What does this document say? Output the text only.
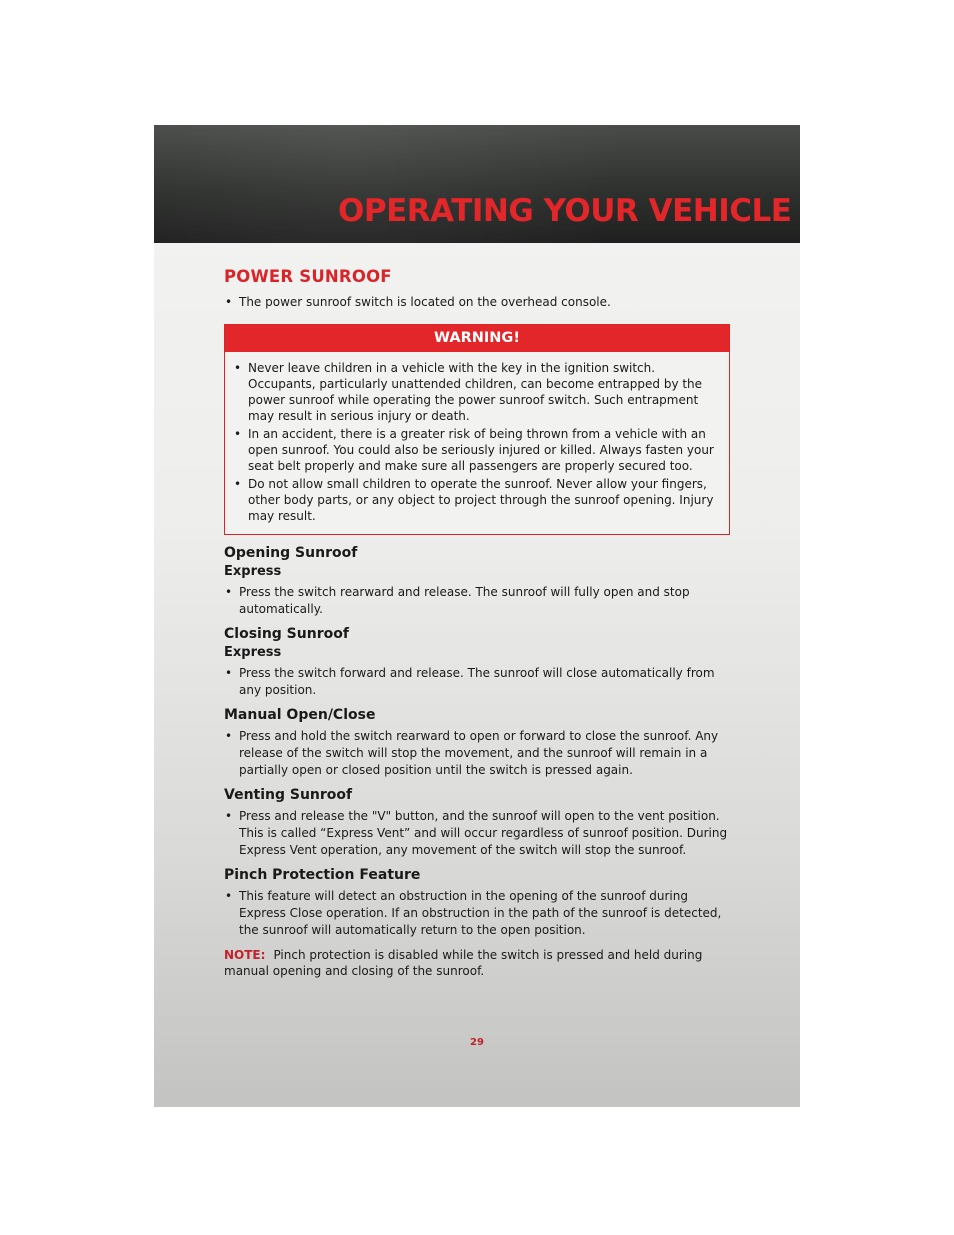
OPERATING YOUR VEHICLE
POWER SUNROOF

• The power sunroof switch is located on the overhead console.

WARNING!

• Never leave children in a vehicle with the key in the ignition switch. Occupants, particularly unattended children, can become entrapped by the power sunroof while operating the power sunroof switch. Such entrapment may result in serious injury or death.

• In an accident, there is a greater risk of being thrown from a vehicle with an open sunroof. You could also be seriously injured or killed. Always fasten your seat belt properly and make sure all passengers are properly secured too.

• Do not allow small children to operate the sunroof. Never allow your fingers, other body parts, or any object to project through the sunroof opening. Injury may result.

Opening Sunroof
Express

• Press the switch rearward and release. The sunroof will fully open and stop automatically.

Closing Sunroof
Express

• Press the switch forward and release. The sunroof will close automatically from any position.

Manual Open/Close

• Press and hold the switch rearward to open or forward to close the sunroof. Any release of the switch will stop the movement, and the sunroof will remain in a partially open or closed position until the switch is pressed again.

Venting Sunroof

• Press and release the "V" button, and the sunroof will open to the vent position. This is called “Express Vent” and will occur regardless of sunroof position. During Express Vent operation, any movement of the switch will stop the sunroof.

Pinch Protection Feature

• This feature will detect an obstruction in the opening of the sunroof during Express Close operation. If an obstruction in the path of the sunroof is detected, the sunroof will automatically return to the open position.

NOTE: Pinch protection is disabled while the switch is pressed and held during manual opening and closing of the sunroof.

29
